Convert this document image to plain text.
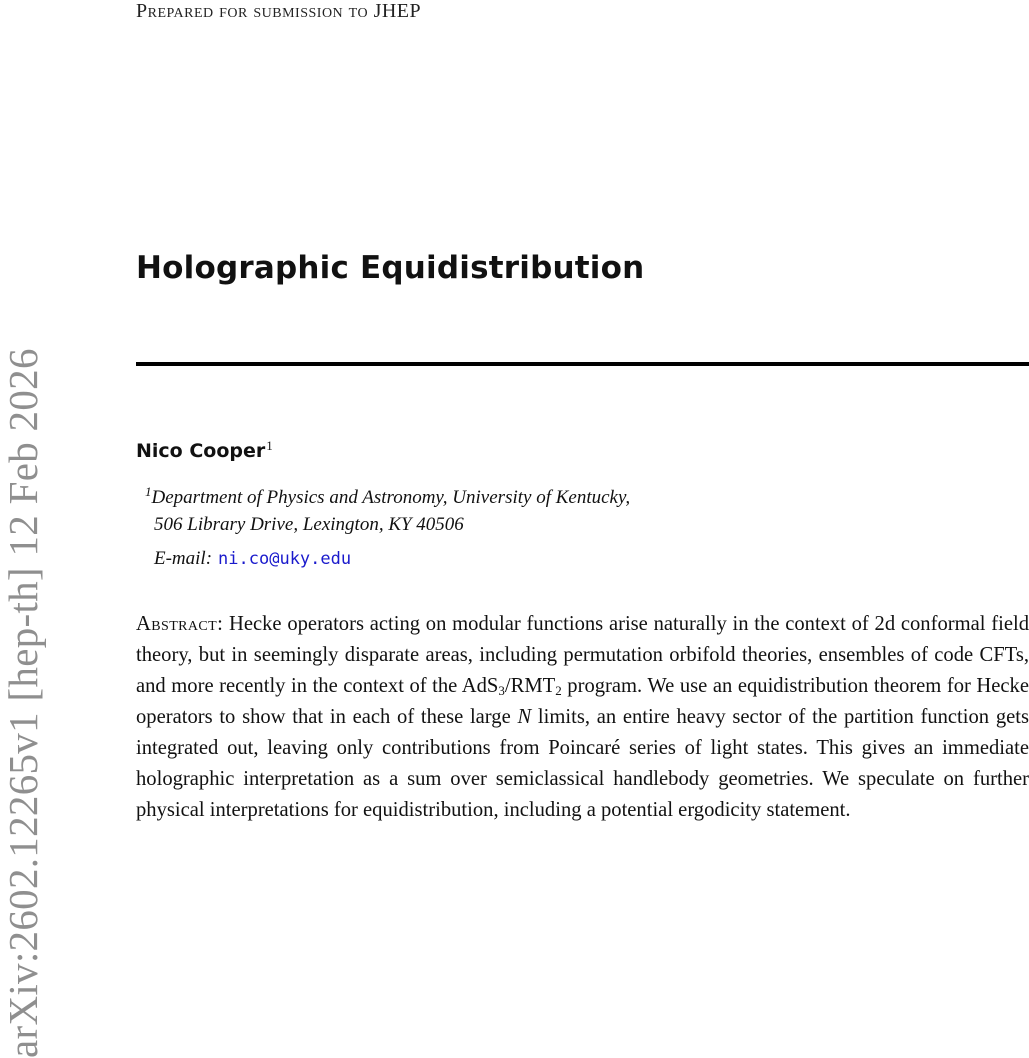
Prepared for submission to JHEP
arXiv:2602.12265v1 [hep-th] 12 Feb 2026
Holographic Equidistribution
Nico Cooper$^1$
$^1$Department of Physics and Astronomy, University of Kentucky,
506 Library Drive, Lexington, KY 40506
E-mail: ni.co@uky.edu
Abstract: Hecke operators acting on modular functions arise naturally in the context of 2d conformal field theory, but in seemingly disparate areas, including permutation orbifold theories, ensembles of code CFTs, and more recently in the context of the $AdS_3/RMT_2$ program. We use an equidistribution theorem for Hecke operators to show that in each of these large N limits, an entire heavy sector of the partition function gets integrated out, leaving only contributions from Poincaré series of light states. This gives an immediate holographic interpretation as a sum over semiclassical handlebody geometries. We speculate on further physical interpretations for equidistribution, including a potential ergodicity statement.
